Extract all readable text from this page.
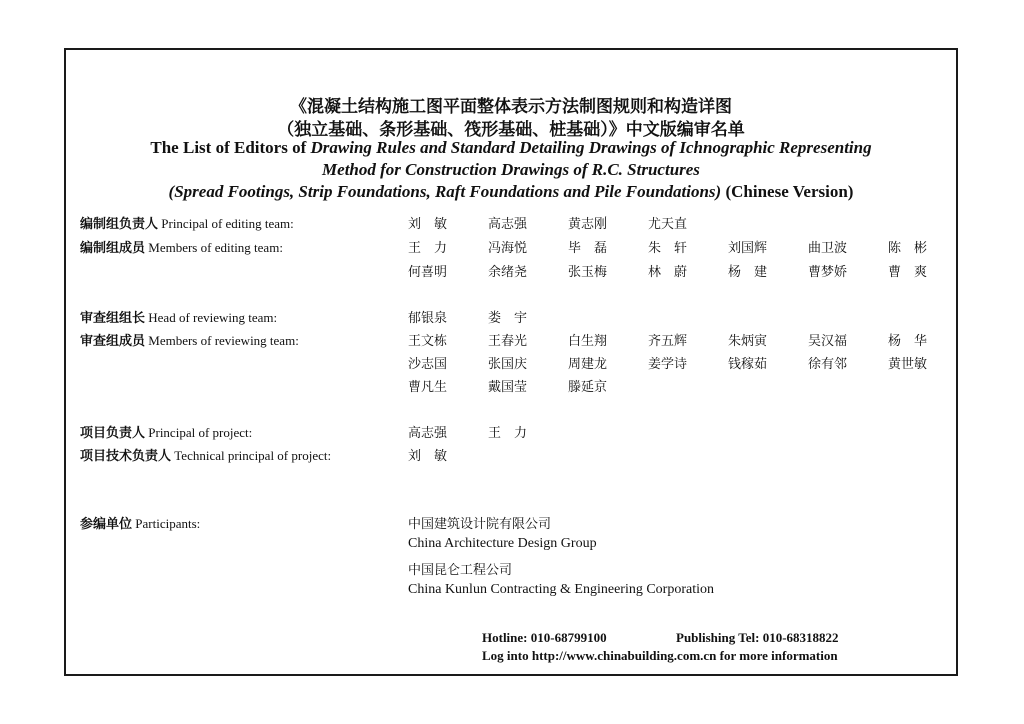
《混凝土结构施工图平面整体表示方法制图规则和构造详图
（独立基础、条形基础、筏形基础、桩基础）》中文版编审名单
The List of Editors of Drawing Rules and Standard Detailing Drawings of Ichnographic Representing
Method for Construction Drawings of R.C. Structures
(Spread Footings, Strip Foundations, Raft Foundations and Pile Foundations) (Chinese Version)
编制组负责人 Principal of editing team:	刘　敏	高志强	黄志刚	尤天直
编制组成员 Members of editing team:	王　力	冯海悦	毕　磊	朱　轩	刘国辉	曲卫波	陈　彬
何喜明	余绪尧	张玉梅	林　蔚	杨　建	曹梦娇	曹　爽
审查组组长 Head of reviewing team:	郁银泉	娄　宇
审查组成员 Members of reviewing team:	王文栋	王春光	白生翔	齐五辉	朱炳寅	吴汉福	杨　华
沙志国	张国庆	周建龙	姜学诗	钱稼茹	徐有邻	黄世敏
曹凡生	戴国莹	滕延京
项目负责人 Principal of project:	高志强	王　力
项目技术负责人 Technical principal of project:	刘　敏
参编单位 Participants:	中国建筑设计院有限公司
China Architecture Design Group
中国昆仑工程公司
China Kunlun Contracting & Engineering Corporation
Hotline: 010-68799100	Publishing Tel: 010-68318822
Log into http://www.chinabuilding.com.cn for more information
